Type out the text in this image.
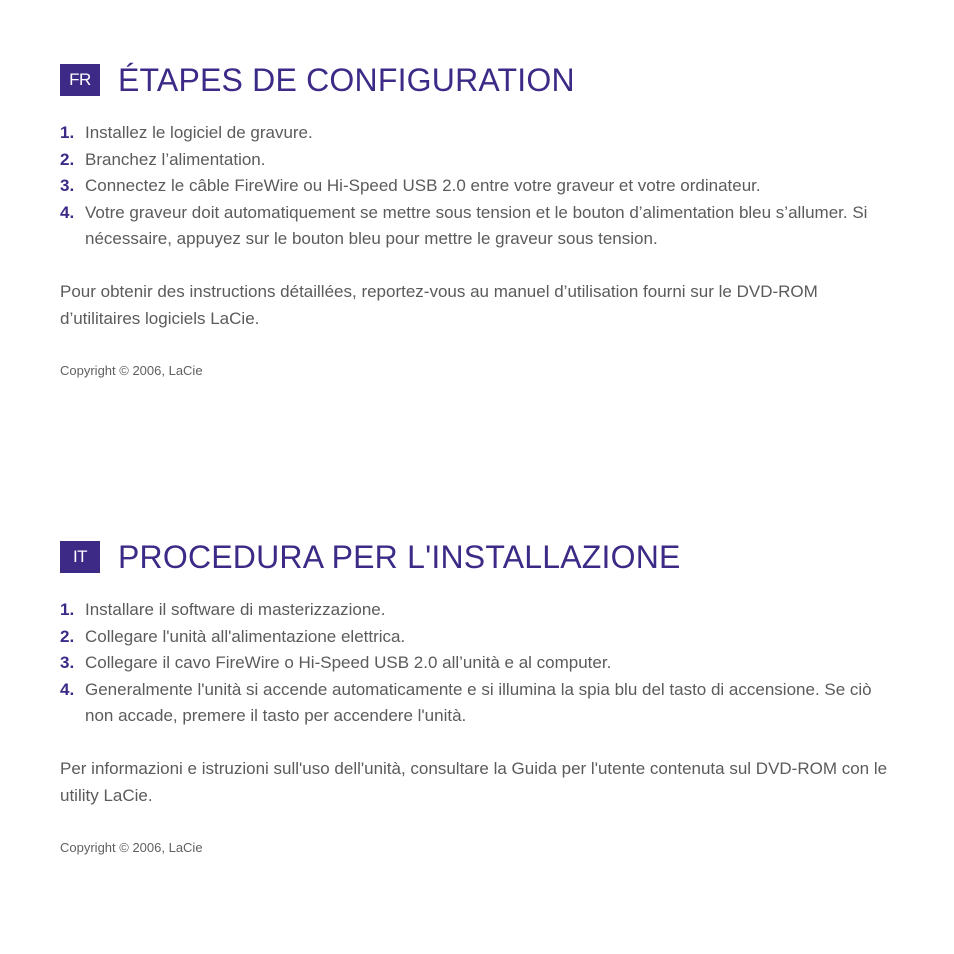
FR ÉTAPES DE CONFIGURATION
1. Installez le logiciel de gravure.
2. Branchez l’alimentation.
3. Connectez le câble FireWire ou Hi-Speed USB 2.0 entre votre graveur et votre ordinateur.
4. Votre graveur doit automatiquement se mettre sous tension et le bouton d’alimentation bleu s’allumer. Si nécessaire, appuyez sur le bouton bleu pour mettre le graveur sous tension.

Pour obtenir des instructions détaillées, reportez-vous au manuel d’utilisation fourni sur le DVD-ROM d’utilitaires logiciels LaCie.

Copyright © 2006, LaCie
IT PROCEDURA PER L'INSTALLAZIONE
1. Installare il software di masterizzazione.
2. Collegare l'unità all'alimentazione elettrica.
3. Collegare il cavo FireWire o Hi-Speed USB 2.0 all’unità e al computer.
4. Generalmente l'unità si accende automaticamente e si illumina la spia blu del tasto di accensione. Se ciò non accade, premere il tasto per accendere l'unità.

Per informazioni e istruzioni sull'uso dell'unità, consultare la Guida per l'utente contenuta sul DVD-ROM con le utility LaCie.

Copyright © 2006, LaCie
